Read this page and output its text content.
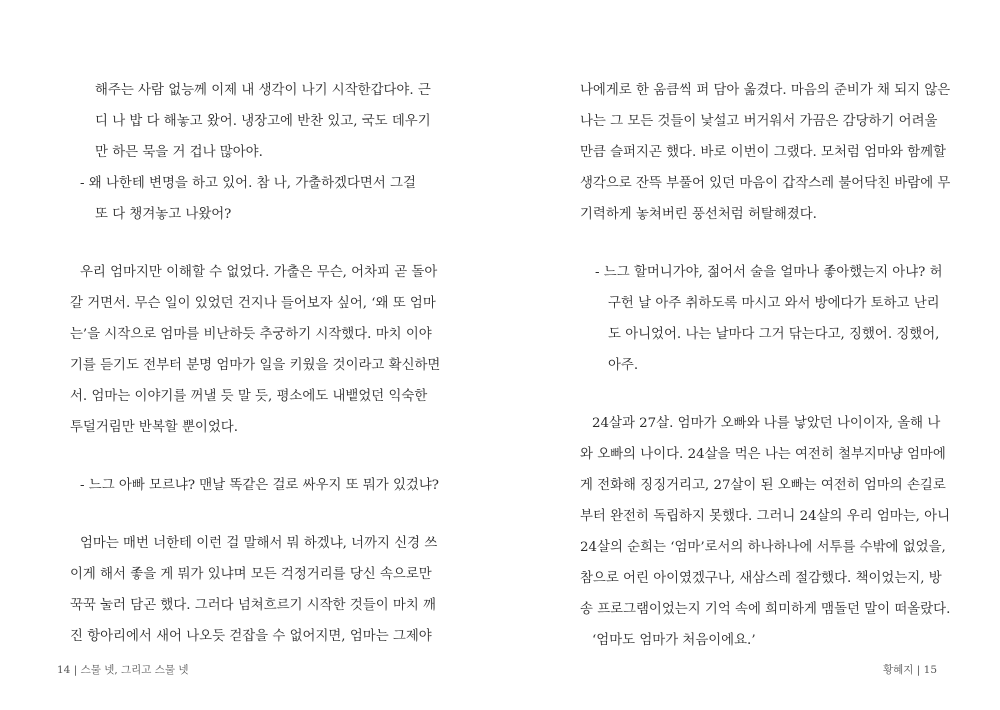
해주는 사람 없능께 이제 내 생각이 나기 시작한갑다야. 근
디 나 밥 다 해놓고 왔어. 냉장고에 반찬 있고, 국도 데우기
만 하믄 묵을 거 겁나 많아야.
- 왜 나한테 변명을 하고 있어. 참 나, 가출하겠다면서 그걸
또 다 챙겨놓고 나왔어?
우리 엄마지만 이해할 수 없었다. 가출은 무슨, 어차피 곧 돌아
갈 거면서. 무슨 일이 있었던 건지나 들어보자 싶어, ‘왜 또 엄마
는’을 시작으로 엄마를 비난하듯 추궁하기 시작했다. 마치 이야
기를 듣기도 전부터 분명 엄마가 일을 키웠을 것이라고 확신하면
서. 엄마는 이야기를 꺼낼 듯 말 듯, 평소에도 내뱉었던 익숙한
투덜거림만 반복할 뿐이었다.
- 느그 아빠 모르냐? 맨날 똑같은 걸로 싸우지 또 뭐가 있겄냐?
엄마는 매번 너한테 이런 걸 말해서 뭐 하겠냐, 너까지 신경 쓰
이게 해서 좋을 게 뭐가 있냐며 모든 걱정거리를 당신 속으로만
꾹꾹 눌러 담곤 했다. 그러다 넘쳐흐르기 시작한 것들이 마치 깨
진 항아리에서 새어 나오듯 걷잡을 수 없어지면, 엄마는 그제야
14 | 스물 넷, 그리고 스물 넷
나에게로 한 움큼씩 퍼 담아 옮겼다. 마음의 준비가 채 되지 않은
나는 그 모든 것들이 낯설고 버거워서 가끔은 감당하기 어려울
만큼 슬퍼지곤 했다. 바로 이번이 그랬다. 모처럼 엄마와 함께할
생각으로 잔뜩 부풀어 있던 마음이 갑작스레 불어닥친 바람에 무
기력하게 놓쳐버린 풍선처럼 허탈해졌다.
- 느그 할머니가야, 젊어서 술을 얼마나 좋아했는지 아냐? 허
구헌 날 아주 취하도록 마시고 와서 방에다가 토하고 난리
도 아니었어. 나는 날마다 그거 닦는다고, 징했어. 징했어,
아주.
24살과 27살. 엄마가 오빠와 나를 낳았던 나이이자, 올해 나
와 오빠의 나이다. 24살을 먹은 나는 여전히 철부지마냥 엄마에
게 전화해 징징거리고, 27살이 된 오빠는 여전히 엄마의 손길로
부터 완전히 독립하지 못했다. 그러니 24살의 우리 엄마는, 아니
24살의 순희는 ‘엄마’로서의 하나하나에 서투를 수밖에 없었을,
참으로 어린 아이였겠구나, 새삼스레 절감했다. 책이었는지, 방
송 프로그램이었는지 기억 속에 희미하게 맴돌던 말이 떠올랐다.
‘엄마도 엄마가 처음이에요.’
황혜지 | 15
